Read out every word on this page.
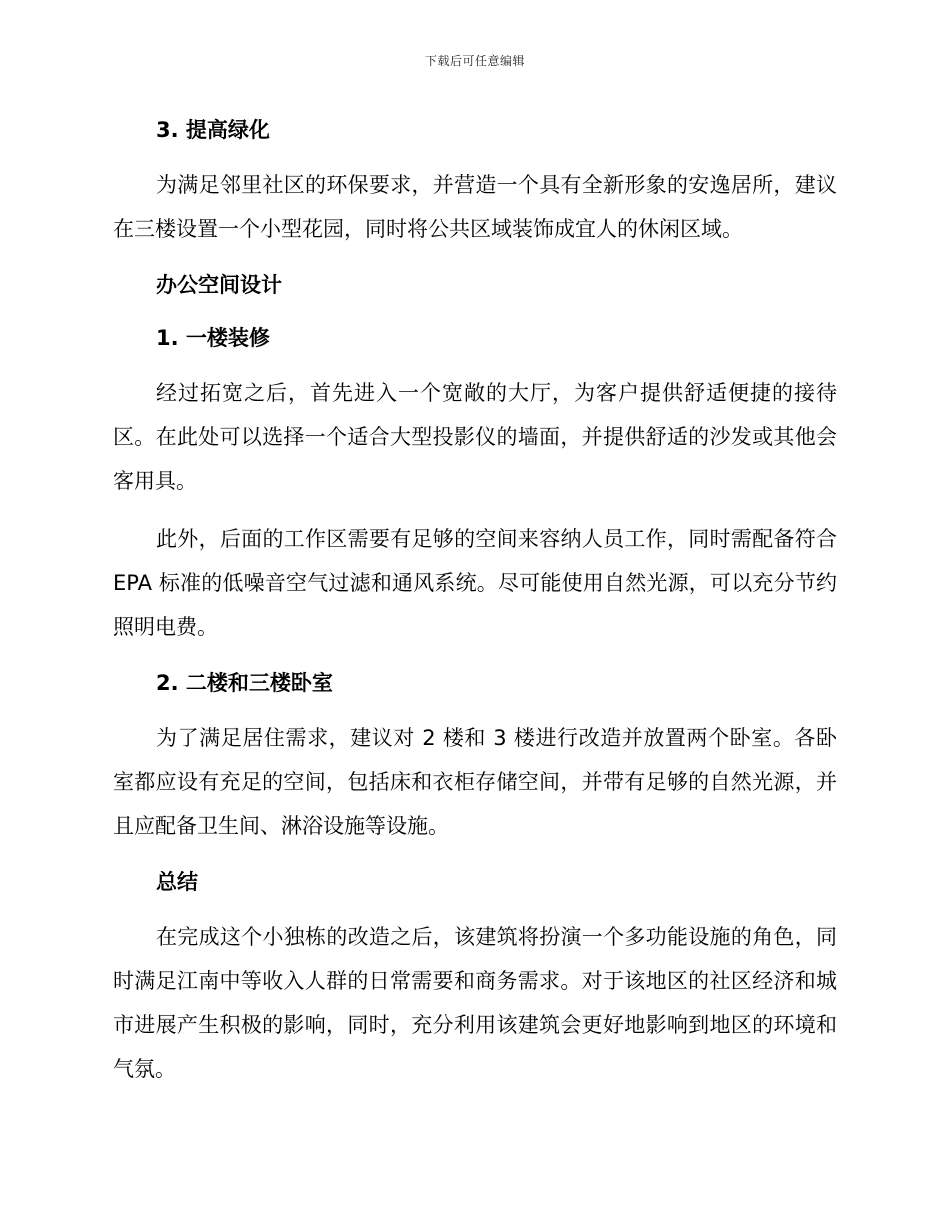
下载后可任意编辑
3. 提高绿化

为满足邻里社区的环保要求，并营造一个具有全新形象的安逸居所，建议在三楼设置一个小型花园，同时将公共区域装饰成宜人的休闲区域。

办公空间设计
1. 一楼装修

经过拓宽之后，首先进入一个宽敞的大厅，为客户提供舒适便捷的接待区。在此处可以选择一个适合大型投影仪的墙面，并提供舒适的沙发或其他会客用具。

此外，后面的工作区需要有足够的空间来容纳人员工作，同时需配备符合 EPA 标准的低噪音空气过滤和通风系统。尽可能使用自然光源，可以充分节约照明电费。

2. 二楼和三楼卧室

为了满足居住需求，建议对 2 楼和 3 楼进行改造并放置两个卧室。各卧室都应设有充足的空间，包括床和衣柜存储空间，并带有足够的自然光源，并且应配备卫生间、淋浴设施等设施。

总结

在完成这个小独栋的改造之后，该建筑将扮演一个多功能设施的角色，同时满足江南中等收入人群的日常需要和商务需求。对于该地区的社区经济和城市进展产生积极的影响，同时，充分利用该建筑会更好地影响到地区的环境和气氛。
